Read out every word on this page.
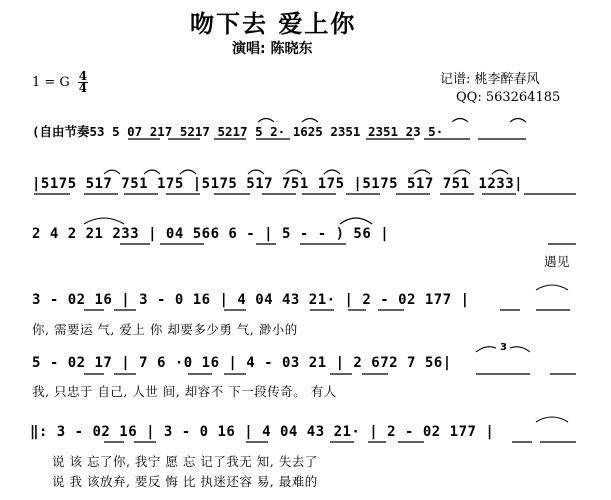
吻下去 爱上你
演唱: 陈晓东
1 = G $\frac{4}{4}$	记谱: 桃李醉春风
QQ: 563264185
(自由节奏53 5 07 217 5217 5217 5 2· 1625 2351 2351 23 5·
|5175 517 751 175 |5175 517 751 175 |5175 517 751 1233|
2 4 2 21 233 | 04 566 6 - | 5 - - ) 56 |
遇见
3 - 02 16 | 3 - 0 16 | 4 04 43 21· | 2 - 02 177 |
你, 需要运 气, 爱上 你 却要多少勇 气, 渺小的
3
5 - 02 17 | 7 6 ·0 16 | 4 - 03 21 | 2 672 7 56|
我, 只忠于 自己, 人世 间, 却容不 下一段传奇。 有人
‖: 3 - 02 16 | 3 - 0 16 | 4 04 43 21· | 2 - 02 177 |
说 该 忘了你, 我宁 愿 忘 记了我无 知, 失去了
说 我 该放弃, 要反 悔 比 执迷还容 易, 最难的
